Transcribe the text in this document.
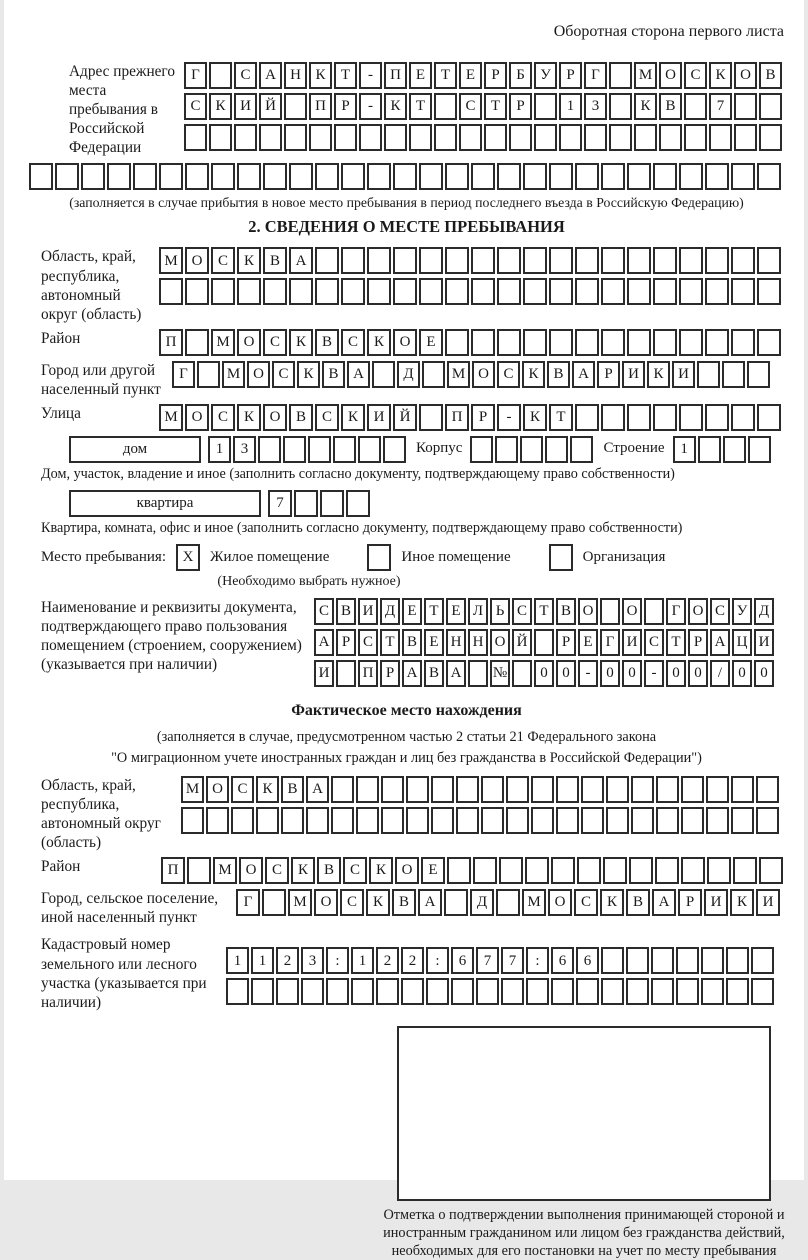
Оборотная сторона первого листа
Адрес прежнего места пребывания в Российской Федерации
Г	С А Н К	Т	-	П Е	Т	Е	Р	Б	У	Р	Г	М О С К О В
С К И Й	П	Р	-	К	Т	С	Т	Р	1	3	К В	7
(заполняется в случае прибытия в новое место пребывания в период последнего въезда в Российскую Федерацию)
2. СВЕДЕНИЯ О МЕСТЕ ПРЕБЫВАНИЯ
Область, край, республика, автономный округ (область)
М О	С	К	В	А
Район	П	М О	С	К	В	С	К	О	Е
Город или другой населенный пункт
Г	М О С К В А	Д	М О С К В А	Р	И К И
Улица	М О	С	К	О	В	С	К	И	Й	П	Р	-	К	Т
дом	1	3	Корпус	Строение	1
Дом, участок, владение и иное (заполнить согласно документу, подтверждающему право собственности)
квартира	7
Квартира, комната, офис и иное (заполнить согласно документу, подтверждающему право собственности)
Место пребывания:	X	Жилое помещение	Иное помещение	Организация
(Необходимо выбрать нужное)
Наименование и реквизиты документа, подтверждающего право пользования помещением (строением, сооружением) (указывается при наличии)
С В И Д Е Т Е Л Ь С Т В О	О	Г О С У Д
А Р С Т В Е Н Н О Й	Р Е Г И С Т Р А Ц И
И	П Р А В А	№	0 0	-	0 0	-	0 0	/	0 0
Фактическое место нахождения
(заполняется в случае, предусмотренном частью 2 статьи 21 Федерального закона
"О миграционном учете иностранных граждан и лиц без гражданства в Российской Федерации")
Область, край, республика, автономный округ (область)
М О С К В А
Район	П	М О	С	К	В	С	К	О	Е
Город, сельское поселение, иной населенный пункт
Г	М О	С	К	В	А	Д	М О	С	К	В	А	Р	И	К	И
Кадастровый номер земельного или лесного участка (указывается при наличии)
1	1	2	3	:	1	2	2	:	6	7	7	:	6	6
Отметка о подтверждении выполнения принимающей стороной и иностранным гражданином или лицом без гражданства действий, необходимых для его постановки на учет по месту пребывания
